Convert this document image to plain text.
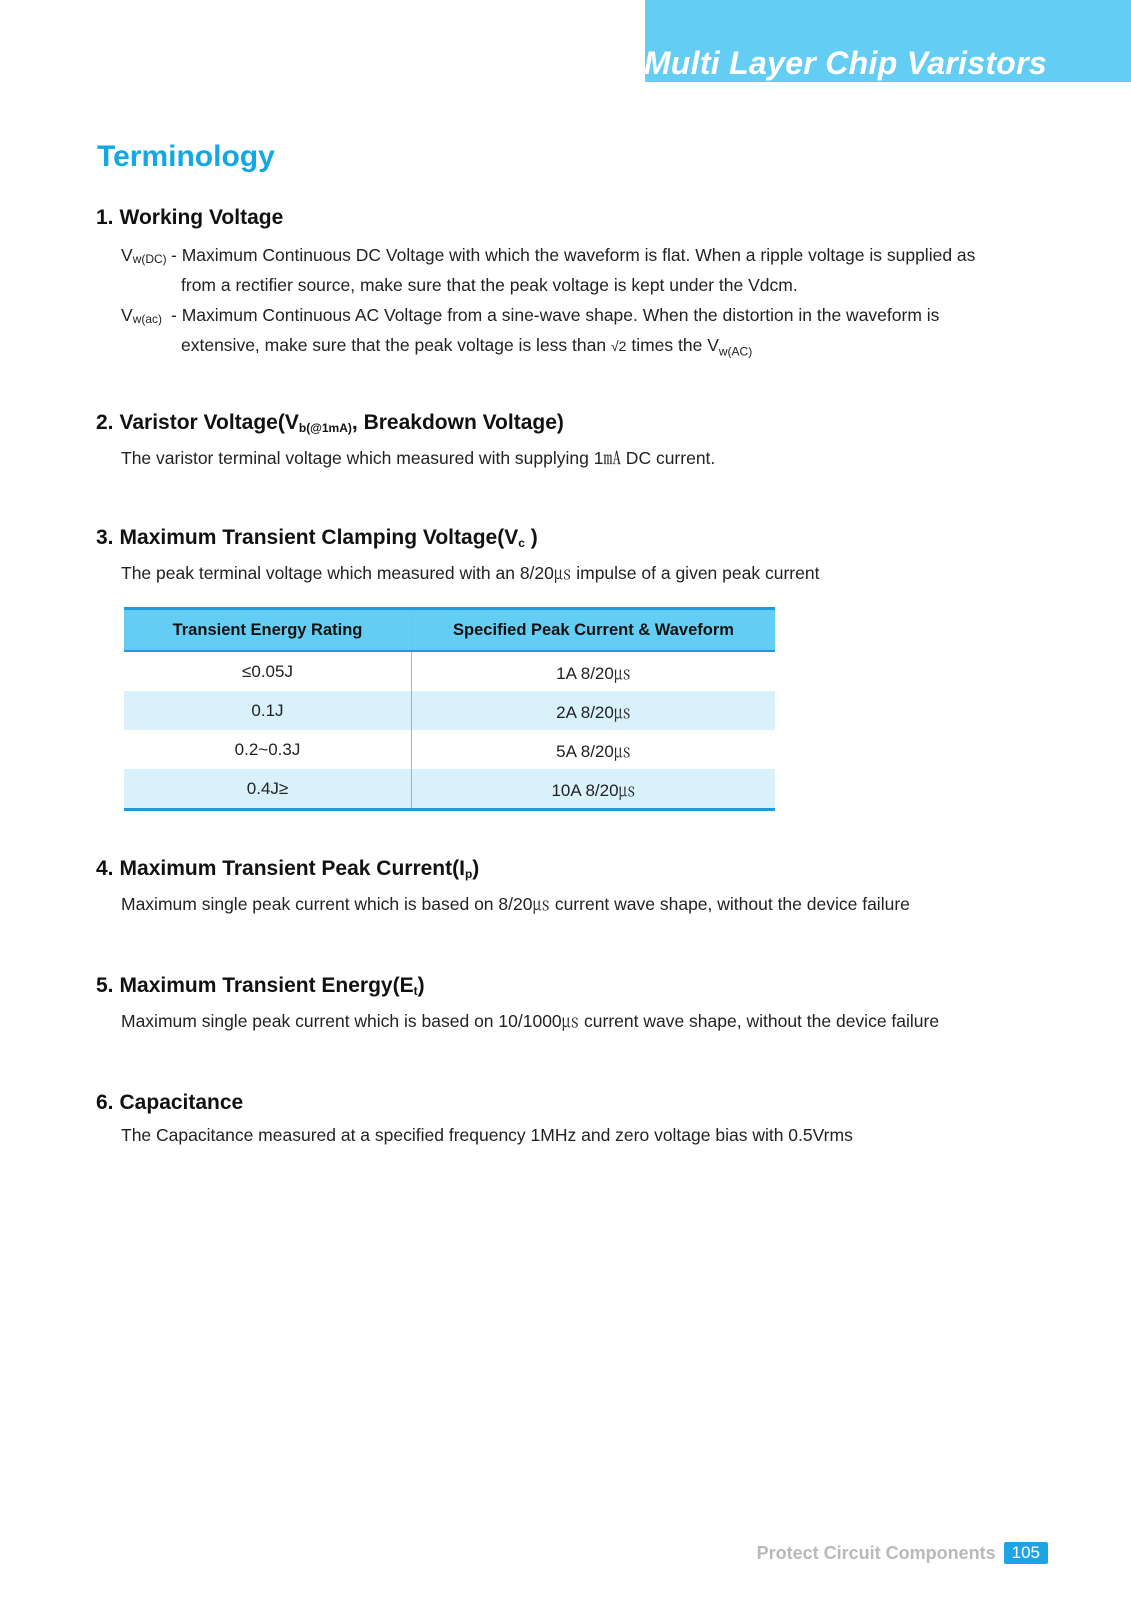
Multi Layer Chip Varistors
Terminology
1. Working Voltage
$V_{w(DC)}$ - Maximum Continuous DC Voltage with which the waveform is flat. When a ripple voltage is supplied as
from a rectifier source, make sure that the peak voltage is kept under the Vdcm.
$V_{w(ac)}$ - Maximum Continuous AC Voltage from a sine-wave shape. When the distortion in the waveform is
extensive, make sure that the peak voltage is less than √2 times the $V_{w(AC)}$
2. Varistor $Voltage(V_{b(@1mA)}$, Breakdown Voltage)

The varistor terminal voltage which measured with supplying 1㎃ DC current.

3. Maximum Transient Clamping $Voltage(V_c$ )

The peak terminal voltage which measured with an 8/20㎲ impulse of a given peak current

Transient Energy Rating	Specified Peak Current & Waveform
≤0.05J	1A 8/20㎲
0.1J	2A 8/20㎲
0.2~0.3J	5A 8/20㎲
0.4J≥	10A 8/20㎲
4. Maximum Transient Peak $Current(I_p)$

Maximum single peak current which is based on 8/20㎲ current wave shape, without the device failure

5. Maximum Transient $Energy(E_t)$

Maximum single peak current which is based on 10/1000㎲ current wave shape, without the device failure

6. Capacitance

The Capacitance measured at a specified frequency 1MHz and zero voltage bias with 0.5Vrms

Protect Circuit Components 105
